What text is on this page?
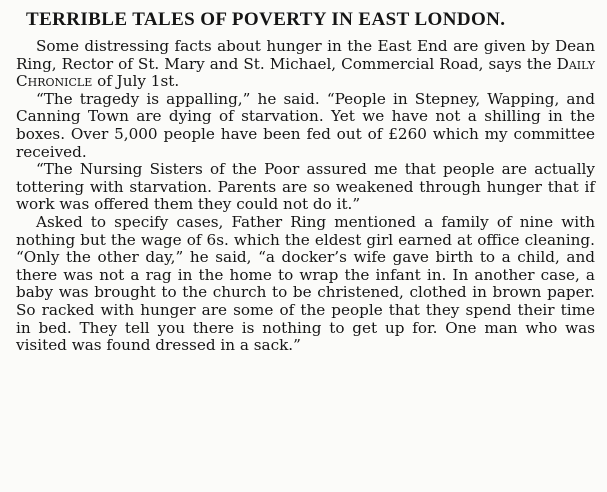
TERRIBLE TALES OF POVERTY IN EAST LONDON.

Some distressing facts about hunger in the East End are given by Dean Ring, Rector of St. Mary and St. Michael, Commercial Road, says the Daily Chronicle of July 1st.

“The tragedy is appalling,” he said. “People in Stepney, Wapping, and Canning Town are dying of starvation. Yet we have not a shilling in the boxes. Over 5,000 people have been fed out of £260 which my committee received.

“The Nursing Sisters of the Poor assured me that people are actually tottering with starvation. Parents are so weakened through hunger that if work was offered them they could not do it.”

Asked to specify cases, Father Ring mentioned a family of nine with nothing but the wage of 6s. which the eldest girl earned at office cleaning. “Only the other day,” he said, “a docker’s wife gave birth to a child, and there was not a rag in the home to wrap the infant in. In another case, a baby was brought to the church to be christened, clothed in brown paper. So racked with hunger are some of the people that they spend their time in bed. They tell you there is nothing to get up for. One man who was visited was found dressed in a sack.”
